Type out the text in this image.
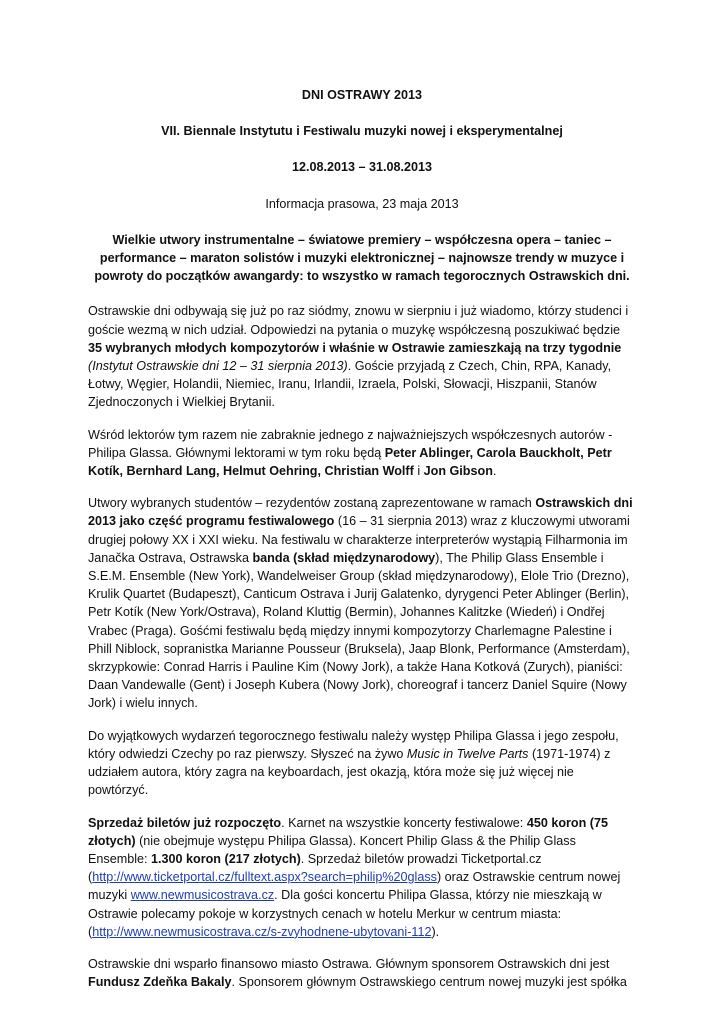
DNI OSTRAWY 2013
VII. Biennale Instytutu i Festiwalu muzyki nowej i eksperymentalnej
12.08.2013 – 31.08.2013
Informacja prasowa, 23 maja 2013
Wielkie utwory instrumentalne – światowe premiery – współczesna opera – taniec – performance – maraton solistów i muzyki elektronicznej – najnowsze trendy w muzyce i powroty do początków awangardy: to wszystko w ramach tegorocznych Ostrawskich dni.

Ostrawskie dni odbywają się już po raz siódmy, znowu w sierpniu i już wiadomo, którzy studenci i goście wezmą w nich udział. Odpowiedzi na pytania o muzykę współczesną poszukiwać będzie 35 wybranych młodych kompozytorów i właśnie w Ostrawie zamieszkają na trzy tygodnie (Instytut Ostrawskie dni 12 – 31 sierpnia 2013). Goście przyjadą z Czech, Chin, RPA, Kanady, Łotwy, Węgier, Holandii, Niemiec, Iranu, Irlandii, Izraela, Polski, Słowacji, Hiszpanii, Stanów Zjednoczonych i Wielkiej Brytanii.

Wśród lektorów tym razem nie zabraknie jednego z najważniejszych współczesnych autorów - Philipa Glassa. Głównymi lektorami w tym roku będą Peter Ablinger, Carola Bauckholt, Petr Kotík, Bernhard Lang, Helmut Oehring, Christian Wolff i Jon Gibson.

Utwory wybranych studentów – rezydentów zostaną zaprezentowane w ramach Ostrawskich dni 2013 jako część programu festiwalowego (16 – 31 sierpnia 2013) wraz z kluczowymi utworami drugiej połowy XX i XXI wieku. Na festiwalu w charakterze interpreterów wystąpią Filharmonia im Janačka Ostrava, Ostrawska banda (skład międzynarodowy), The Philip Glass Ensemble i S.E.M. Ensemble (New York), Wandelweiser Group (skład międzynarodowy), Elole Trio (Drezno), Krulik Quartet (Budapeszt), Canticum Ostrava i Jurij Galatenko, dyrygenci Peter Ablinger (Berlin), Petr Kotík (New York/Ostrava), Roland Kluttig (Bermin), Johannes Kalitzke (Wiedeń) i Ondřej Vrabec (Praga). Gośćmi festiwalu będą między innymi kompozytorzy Charlemagne Palestine i Phill Niblock, sopranistka Marianne Pousseur (Bruksela), Jaap Blonk, Performance (Amsterdam), skrzypkowie: Conrad Harris i Pauline Kim (Nowy Jork), a także Hana Kotková (Zurych), pianiści: Daan Vandewalle (Gent) i Joseph Kubera (Nowy Jork), choreograf i tancerz Daniel Squire (Nowy Jork) i wielu innych.

Do wyjątkowych wydarzeń tegorocznego festiwalu należy występ Philipa Glassa i jego zespołu, który odwiedzi Czechy po raz pierwszy. Słyszeć na żywo Music in Twelve Parts (1971-1974) z udziałem autora, który zagra na keyboardach, jest okazją, która może się już więcej nie powtórzyć.

Sprzedaż biletów już rozpoczęto. Karnet na wszystkie koncerty festiwalowe: 450 koron (75 złotych) (nie obejmuje występu Philipa Glassa). Koncert Philip Glass & the Philip Glass Ensemble: 1.300 koron (217 złotych). Sprzedaż biletów prowadzi Ticketportal.cz (http://www.ticketportal.cz/fulltext.aspx?search=philip%20glass) oraz Ostrawskie centrum nowej muzyki www.newmusicostrava.cz. Dla gości koncertu Philipa Glassa, którzy nie mieszkają w Ostrawie polecamy pokoje w korzystnych cenach w hotelu Merkur w centrum miasta: (http://www.newmusicostrava.cz/s-zvyhodnene-ubytovani-112).

Ostrawskie dni wsparło finansowo miasto Ostrawa. Głównym sponsorem Ostrawskich dni jest Fundusz Zdeňka Bakaly. Sponsorem głównym Ostrawskiego centrum nowej muzyki jest spółka
